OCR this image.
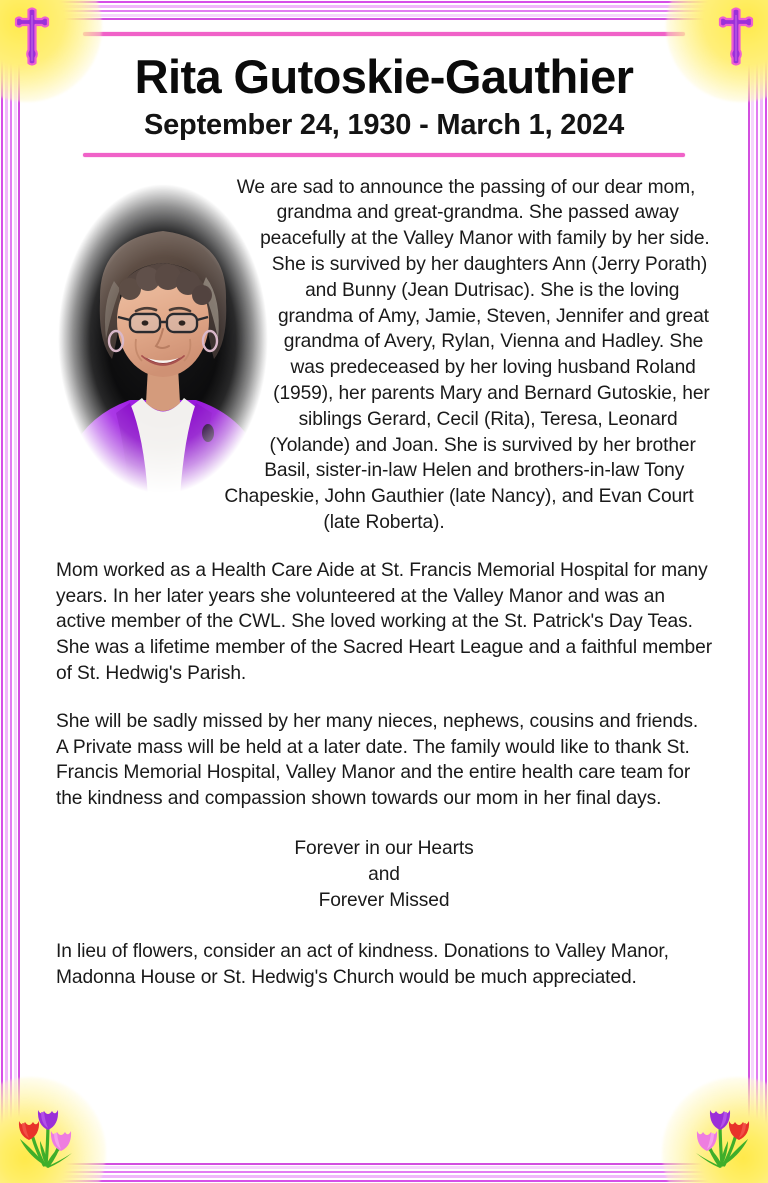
Rita Gutoskie-Gauthier
September 24, 1930 - March 1, 2024

We are sad to announce the passing of our dear mom, grandma and great-grandma. She passed away peacefully at the Valley Manor with family by her side. She is survived by her daughters Ann (Jerry Porath) and Bunny (Jean Dutrisac). She is the loving grandma of Amy, Jamie, Steven, Jennifer and great grandma of Avery, Rylan, Vienna and Hadley. She was predeceased by her loving husband Roland (1959), her parents Mary and Bernard Gutoskie, her siblings Gerard, Cecil (Rita), Teresa, Leonard (Yolande) and Joan. She is survived by her brother Basil, sister-in-law Helen and brothers-in-law Tony Chapeskie, John Gauthier (late Nancy), and Evan Court (late Roberta).

Mom worked as a Health Care Aide at St. Francis Memorial Hospital for many years. In her later years she volunteered at the Valley Manor and was an active member of the CWL. She loved working at the St. Patrick's Day Teas. She was a lifetime member of the Sacred Heart League and a faithful member of St. Hedwig's Parish.

She will be sadly missed by her many nieces, nephews, cousins and friends. A Private mass will be held at a later date. The family would like to thank St. Francis Memorial Hospital, Valley Manor and the entire health care team for the kindness and compassion shown towards our mom in her final days.

Forever in our Hearts
and
Forever Missed

In lieu of flowers, consider an act of kindness. Donations to Valley Manor, Madonna House or St. Hedwig's Church would be much appreciated.
